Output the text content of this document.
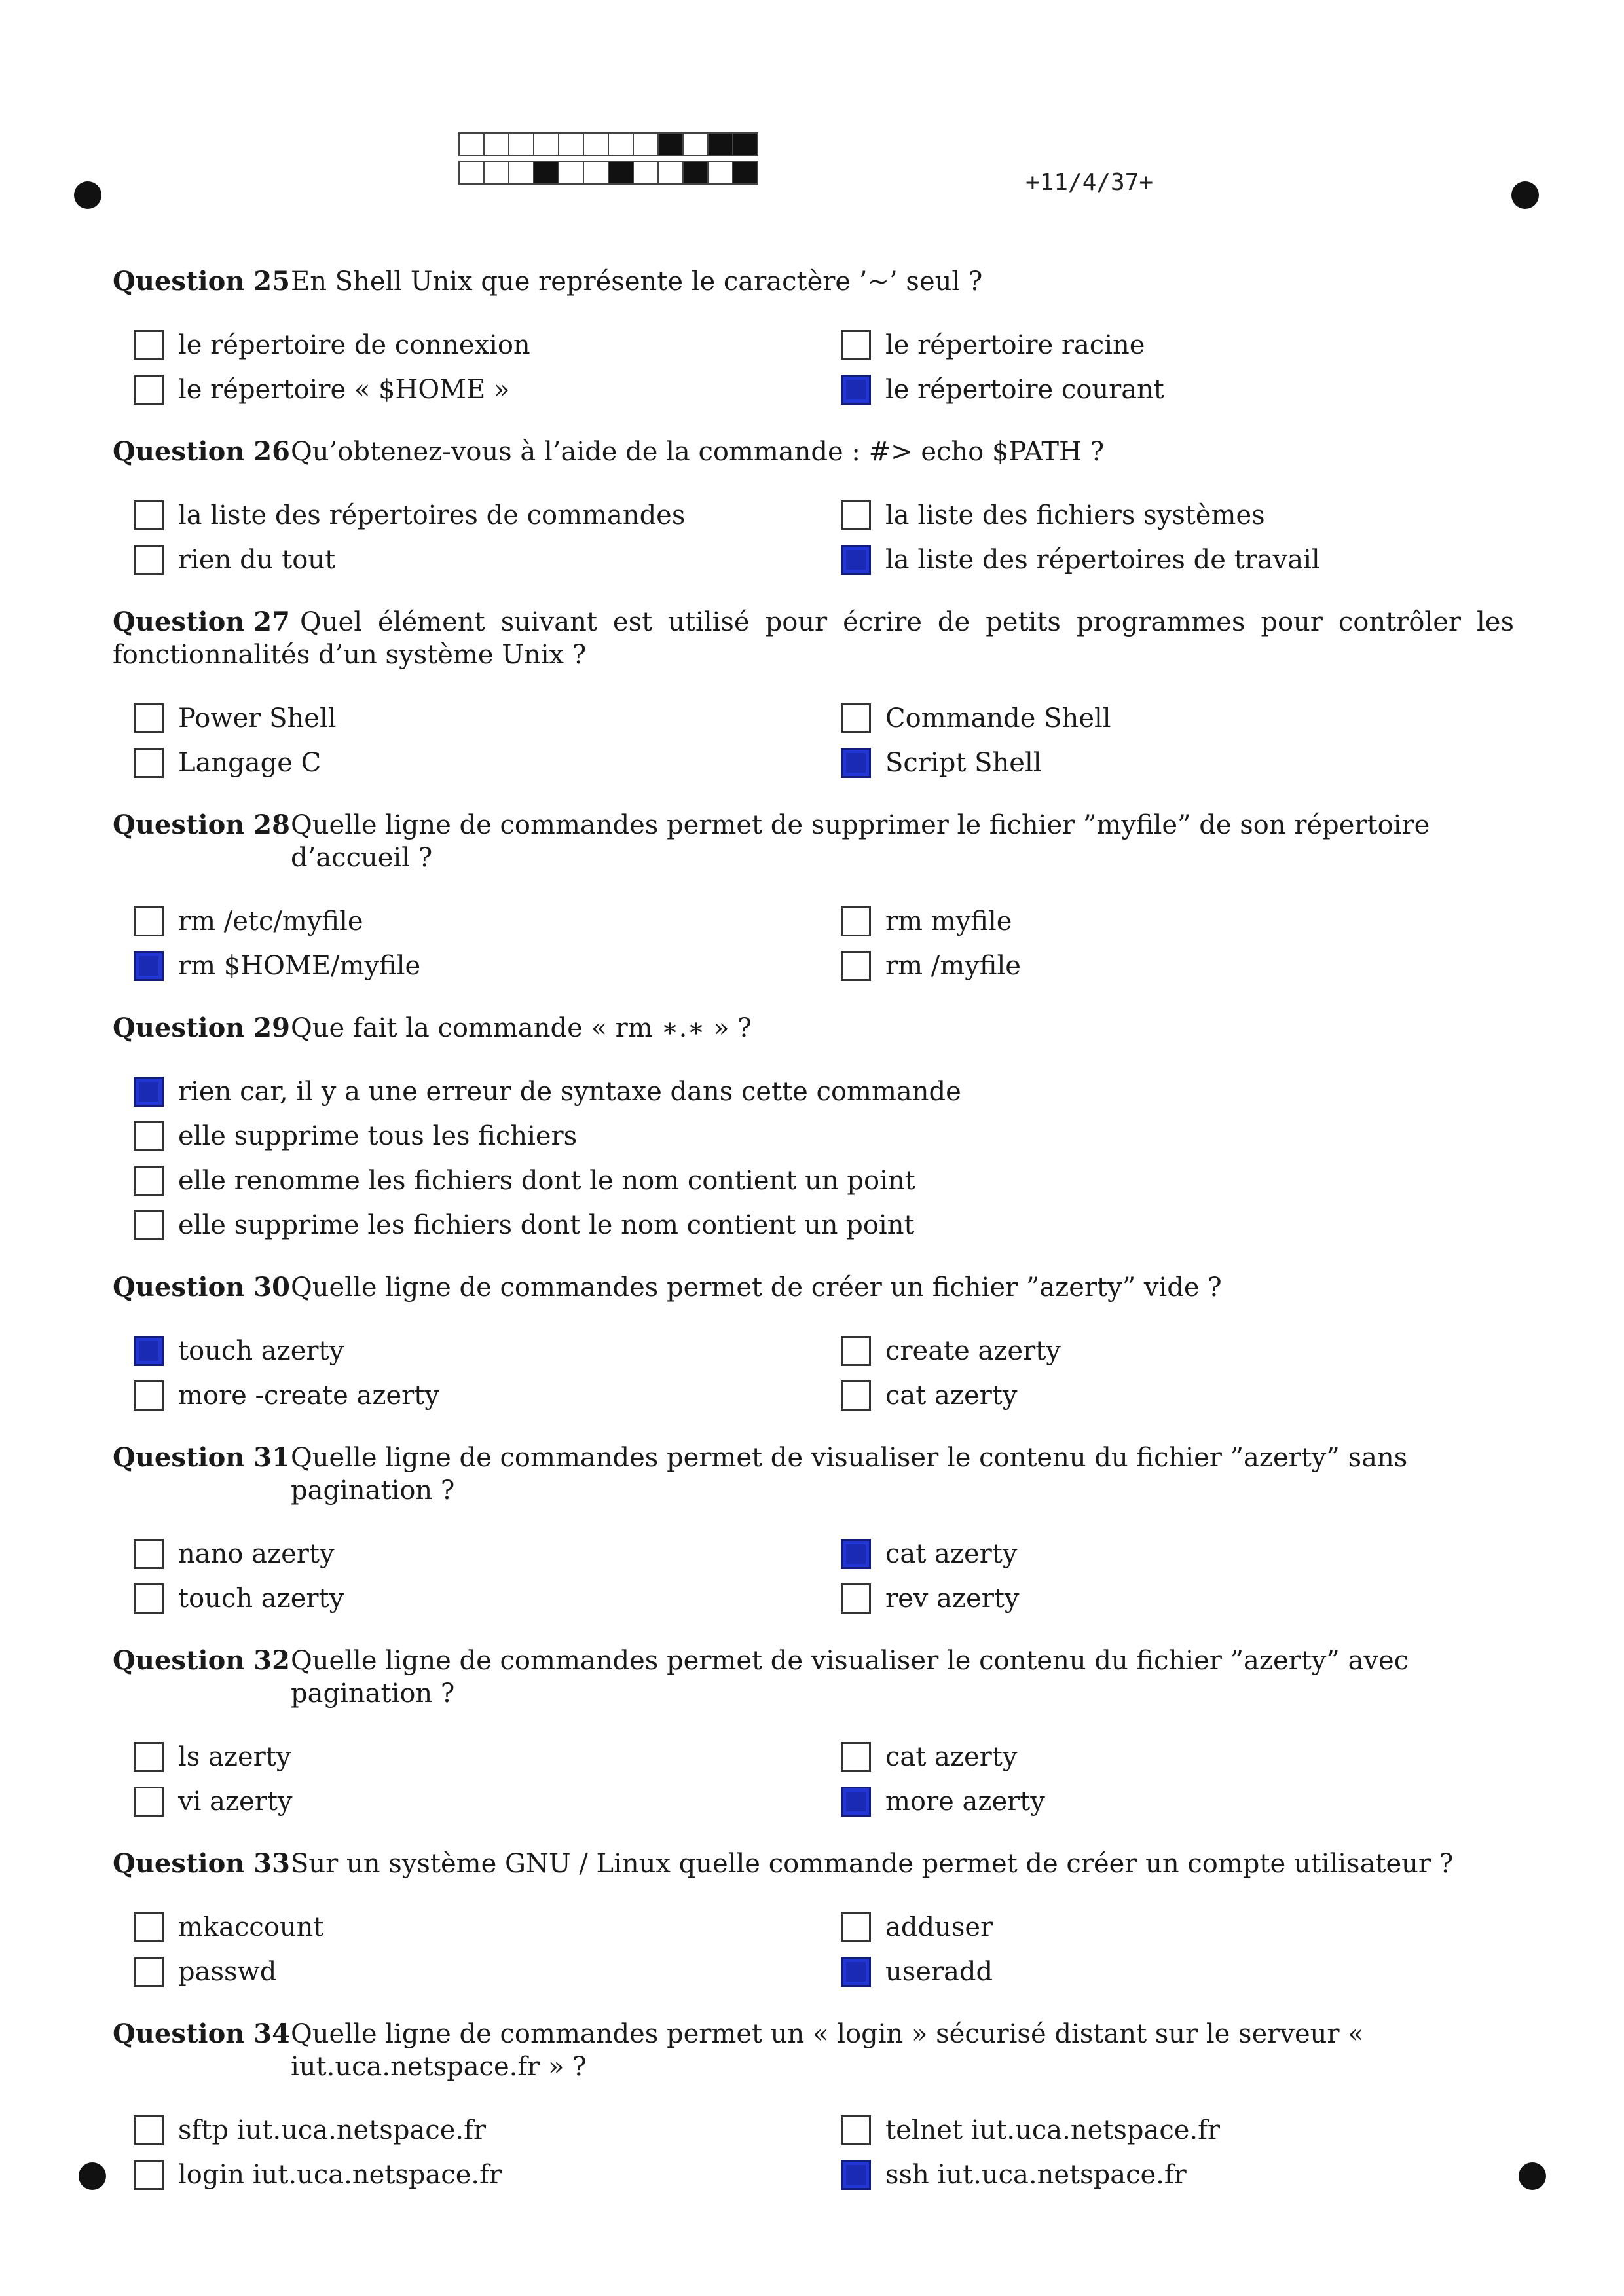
+11/4/37+
Question 25 En Shell Unix que représente le caractère ’∼’ seul ?
le répertoire de connexion	le répertoire racine
le répertoire « $HOME »	le répertoire courant
Question 26 Qu’obtenez-vous à l’aide de la commande : #> echo $PATH ?
la liste des répertoires de commandes	la liste des fichiers systèmes
rien du tout	la liste des répertoires de travail
Question 27 Quel élément suivant est utilisé pour écrire de petits programmes pour contrôler les fonctionnalités d’un système Unix ?
Power Shell	Commande Shell
Langage C	Script Shell
Question 28 Quelle ligne de commandes permet de supprimer le fichier ”myfile” de son répertoire d’accueil ?
rm /etc/myfile	rm myfile
rm $HOME/myfile	rm /myfile
Question 29 Que fait la commande « rm ∗.∗ » ?
rien car, il y a une erreur de syntaxe dans cette commande
elle supprime tous les fichiers
elle renomme les fichiers dont le nom contient un point
elle supprime les fichiers dont le nom contient un point
Question 30 Quelle ligne de commandes permet de créer un fichier ”azerty” vide ?
touch azerty	create azerty
more -create azerty	cat azerty
Question 31 Quelle ligne de commandes permet de visualiser le contenu du fichier ”azerty” sans pagination ?
nano azerty	cat azerty
touch azerty	rev azerty
Question 32 Quelle ligne de commandes permet de visualiser le contenu du fichier ”azerty” avec pagination ?
ls azerty	cat azerty
vi azerty	more azerty
Question 33 Sur un système GNU / Linux quelle commande permet de créer un compte utilisateur ?
mkaccount	adduser
passwd	useradd
Question 34 Quelle ligne de commandes permet un « login » sécurisé distant sur le serveur « iut.uca.netspace.fr » ?
sftp iut.uca.netspace.fr	telnet iut.uca.netspace.fr
login iut.uca.netspace.fr	ssh iut.uca.netspace.fr
